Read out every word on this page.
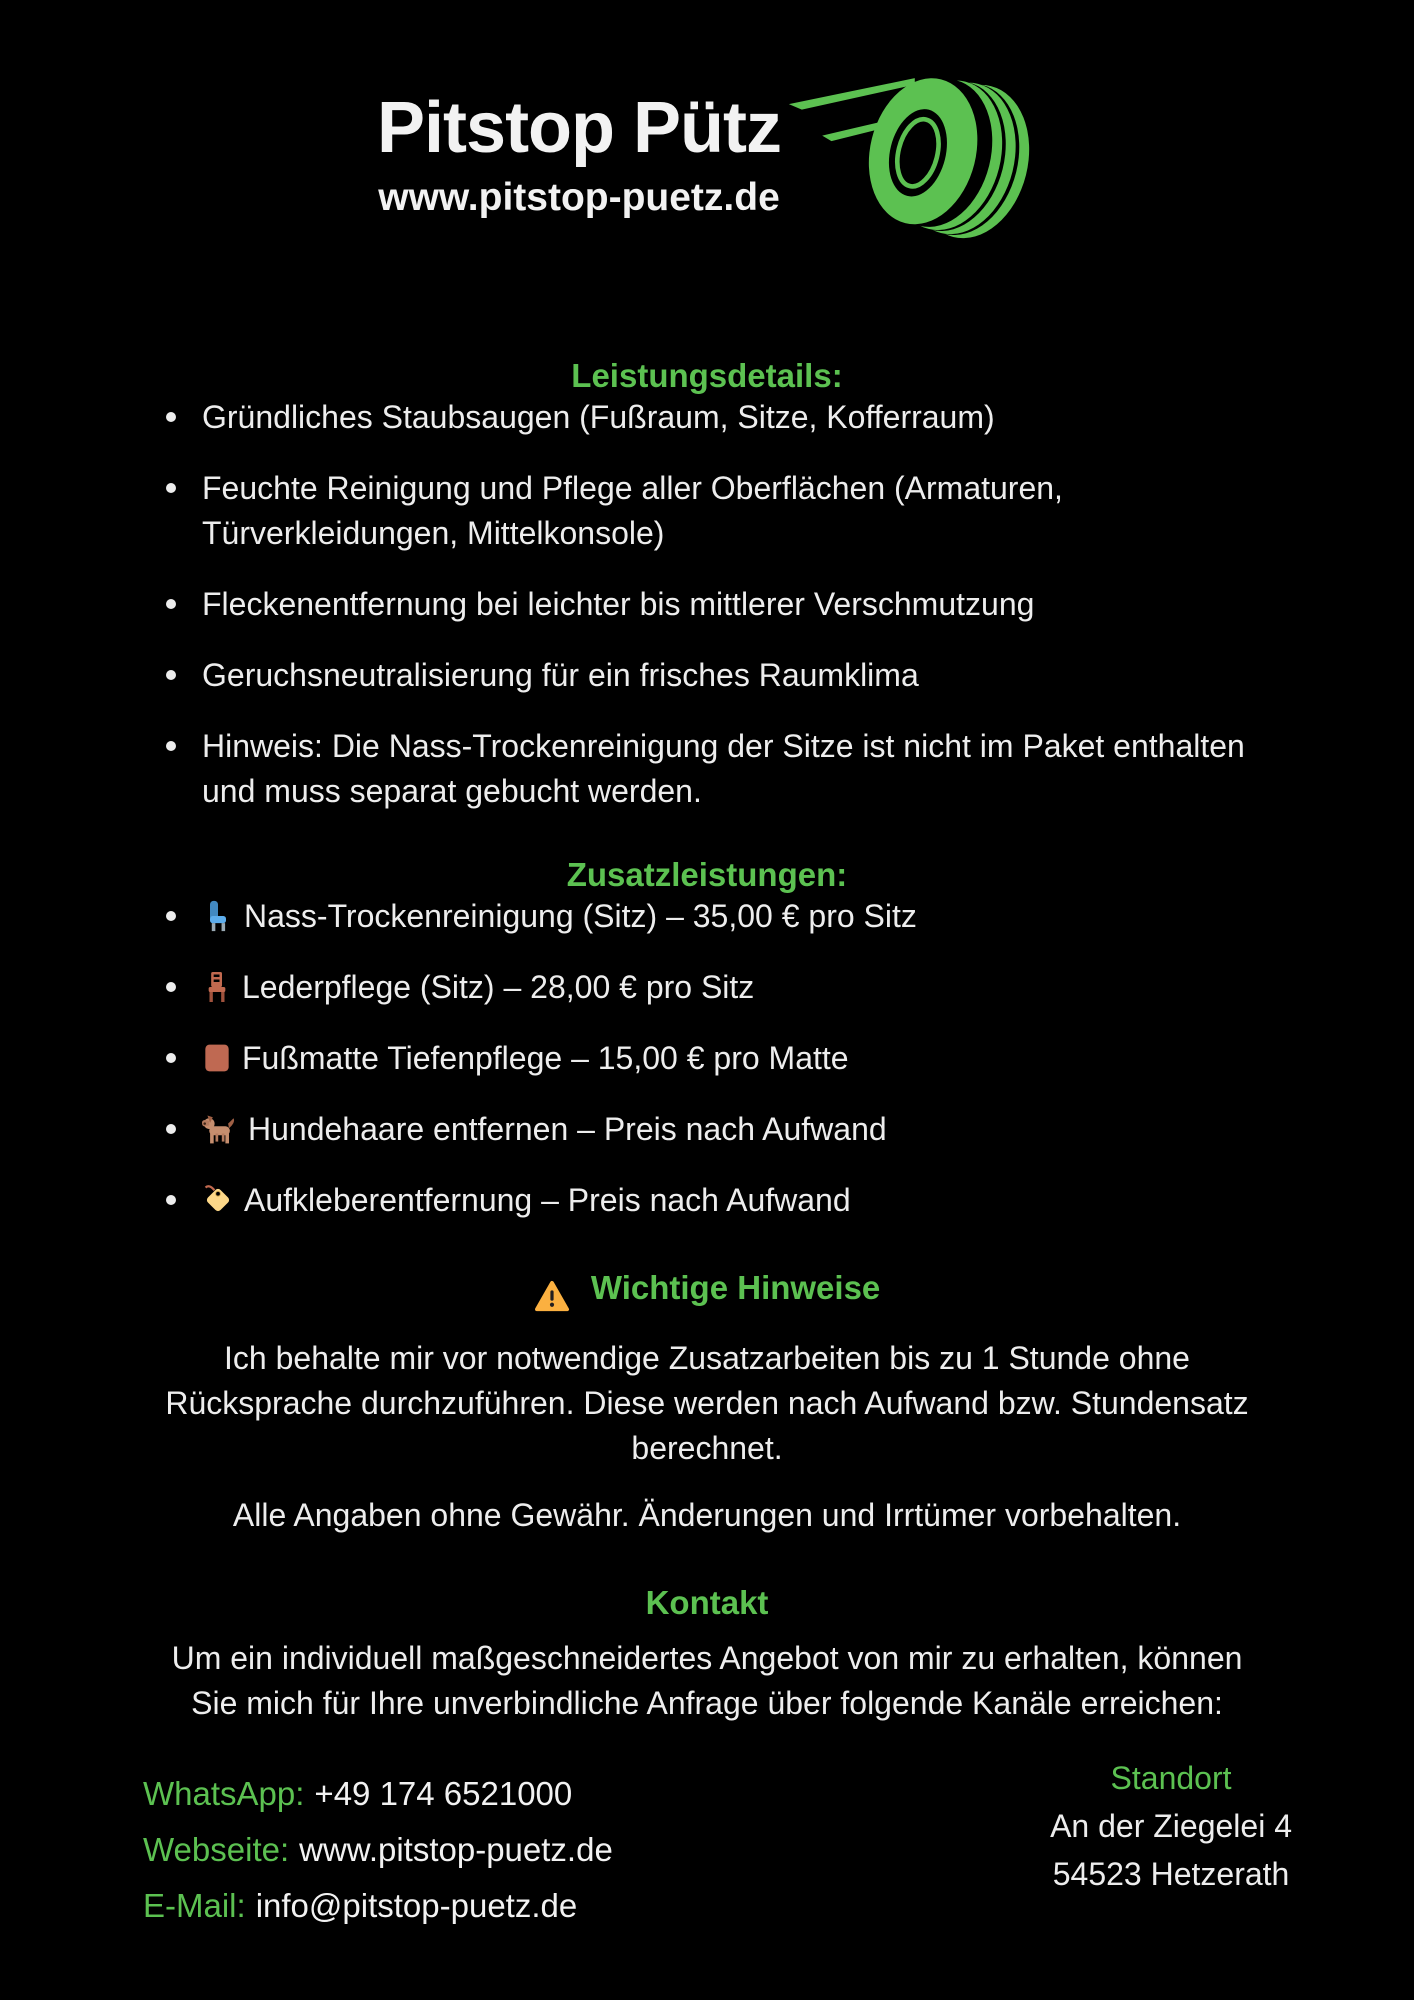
Pitstop Pütz
www.pitstop-puetz.de
Leistungsdetails:
Gründliches Staubsaugen (Fußraum, Sitze, Kofferraum)
Feuchte Reinigung und Pflege aller Oberflächen (Armaturen, Türverkleidungen, Mittelkonsole)
Fleckenentfernung bei leichter bis mittlerer Verschmutzung
Geruchsneutralisierung für ein frisches Raumklima
Hinweis: Die Nass-Trockenreinigung der Sitze ist nicht im Paket enthalten und muss separat gebucht werden.
Zusatzleistungen:
Nass-Trockenreinigung (Sitz) – 35,00 € pro Sitz
Lederpflege (Sitz) – 28,00 € pro Sitz
Fußmatte Tiefenpflege – 15,00 € pro Matte
Hundehaare entfernen – Preis nach Aufwand
Aufkleberentfernung – Preis nach Aufwand
Wichtige Hinweise

Ich behalte mir vor notwendige Zusatzarbeiten bis zu 1 Stunde ohne Rücksprache durchzuführen. Diese werden nach Aufwand bzw. Stundensatz berechnet.

Alle Angaben ohne Gewähr. Änderungen und Irrtümer vorbehalten.

Kontakt

Um ein individuell maßgeschneidertes Angebot von mir zu erhalten, können Sie mich für Ihre unverbindliche Anfrage über folgende Kanäle erreichen:

WhatsApp: +49 174 6521000
Webseite: www.pitstop-puetz.de
E-Mail: info@pitstop-puetz.de
Standort
An der Ziegelei 4
54523 Hetzerath
